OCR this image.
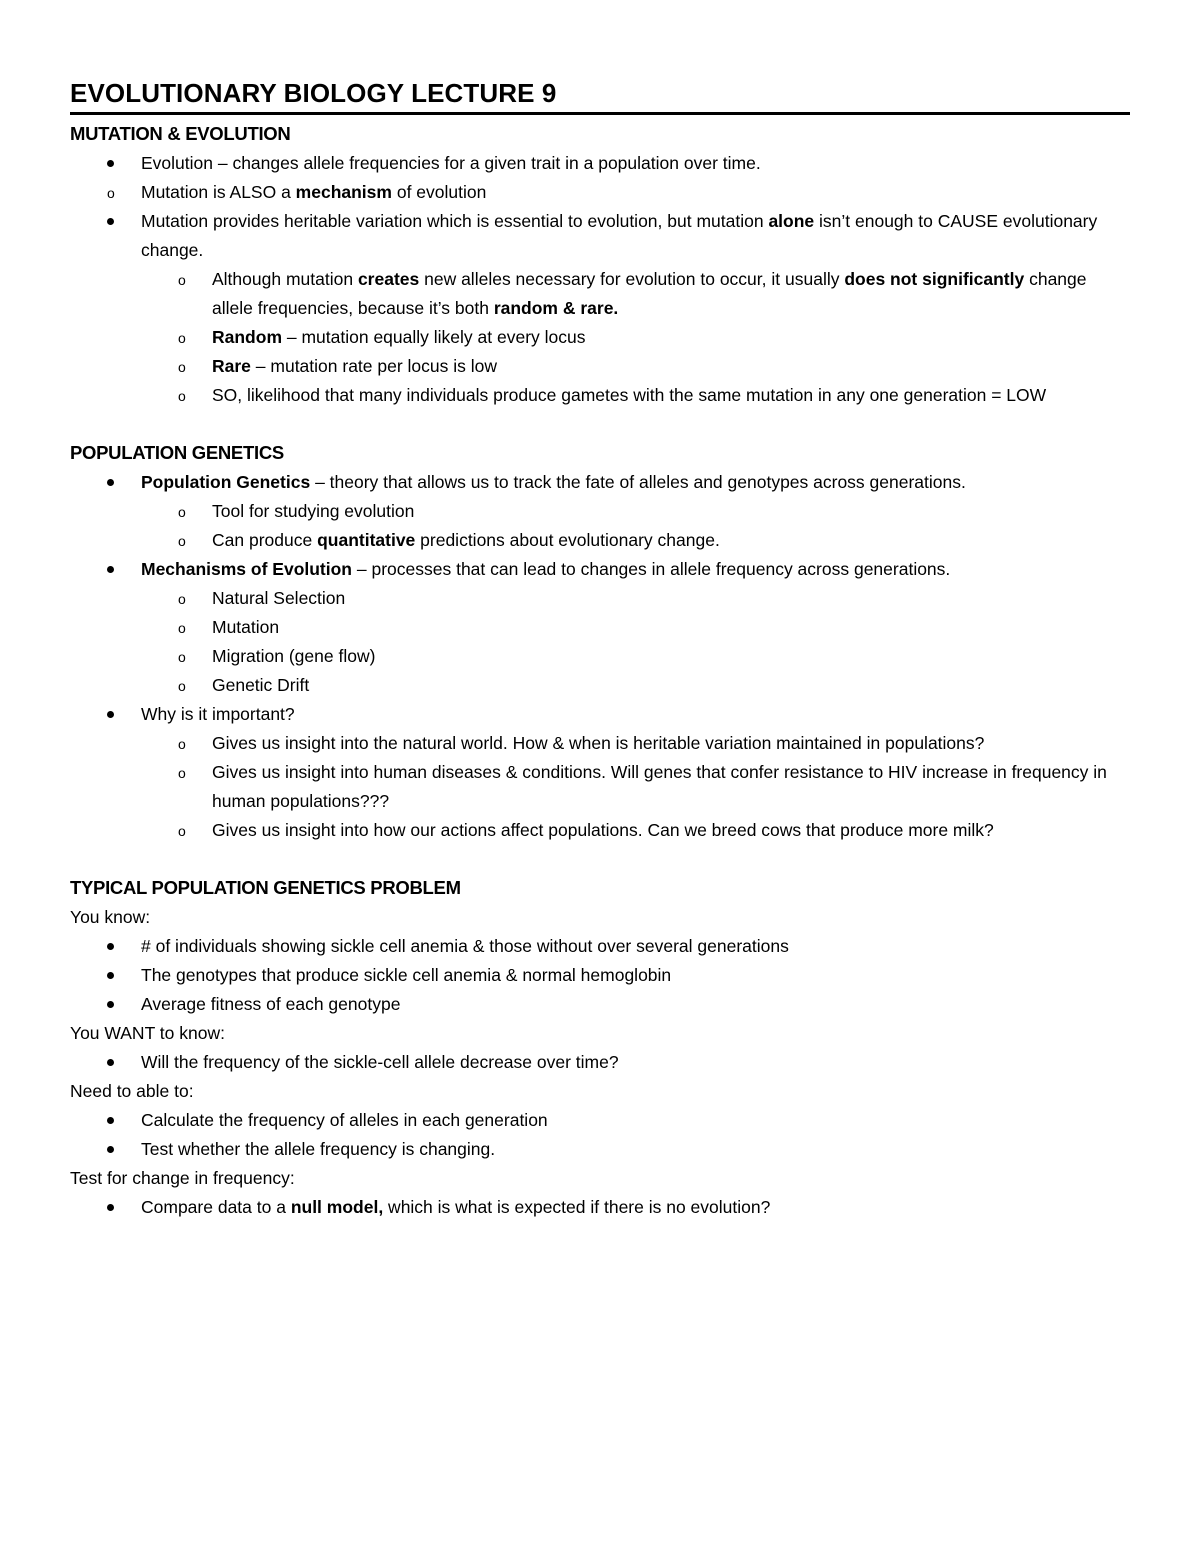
EVOLUTIONARY BIOLOGY LECTURE 9
MUTATION & EVOLUTION
Evolution – changes allele frequencies for a given trait in a population over time.
o Mutation is ALSO a mechanism of evolution
Mutation provides heritable variation which is essential to evolution, but mutation alone isn’t enough to CAUSE evolutionary change.
o Although mutation creates new alleles necessary for evolution to occur, it usually does not significantly change allele frequencies, because it’s both random & rare.
o Random – mutation equally likely at every locus
o Rare – mutation rate per locus is low
o SO, likelihood that many individuals produce gametes with the same mutation in any one generation = LOW
POPULATION GENETICS
Population Genetics – theory that allows us to track the fate of alleles and genotypes across generations.
o Tool for studying evolution
o Can produce quantitative predictions about evolutionary change.
Mechanisms of Evolution – processes that can lead to changes in allele frequency across generations.
o Natural Selection
o Mutation
o Migration (gene flow)
o Genetic Drift
Why is it important?
o Gives us insight into the natural world. How & when is heritable variation maintained in populations?
o Gives us insight into human diseases & conditions. Will genes that confer resistance to HIV increase in frequency in human populations???
o Gives us insight into how our actions affect populations. Can we breed cows that produce more milk?
TYPICAL POPULATION GENETICS PROBLEM

You know:

# of individuals showing sickle cell anemia & those without over several generations
The genotypes that produce sickle cell anemia & normal hemoglobin
Average fitness of each genotype

You WANT to know:

Will the frequency of the sickle-cell allele decrease over time?

Need to able to:

Calculate the frequency of alleles in each generation
Test whether the allele frequency is changing.

Test for change in frequency:

Compare data to a null model, which is what is expected if there is no evolution?
